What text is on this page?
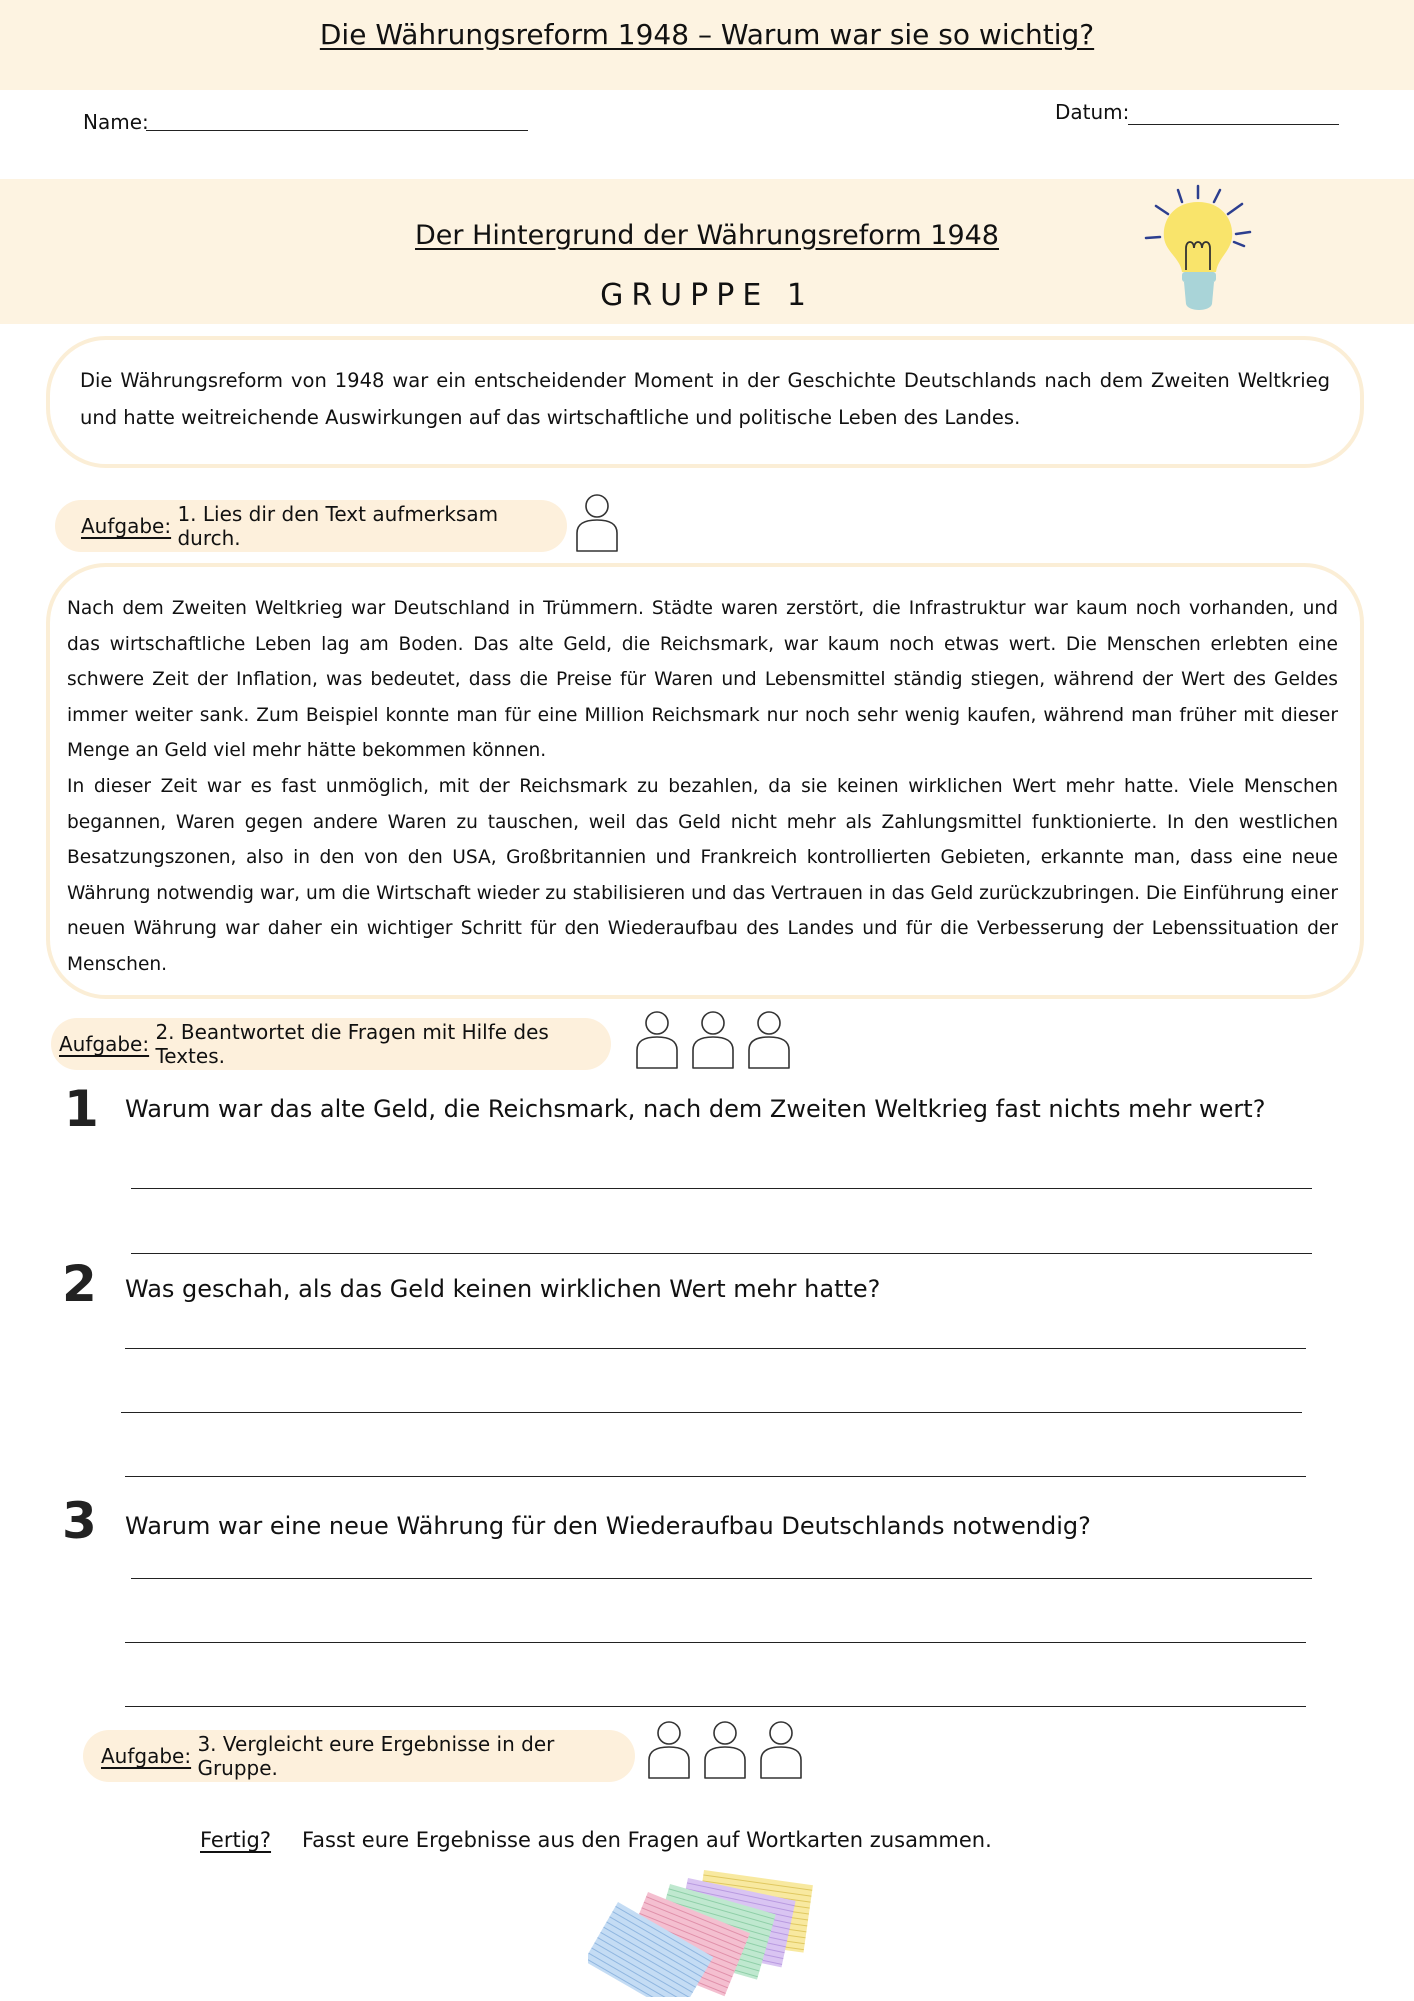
Die Währungsreform 1948 – Warum war sie so wichtig?
Name:	Datum:
Der Hintergrund der Währungsreform 1948
GRUPPE 1

Die Währungsreform von 1948 war ein entscheidender Moment in der Geschichte Deutschlands nach dem Zweiten Weltkrieg und hatte weitreichende Auswirkungen auf das wirtschaftliche und politische Leben des Landes.

Aufgabe:
1. Lies dir den Text aufmerksam durch.

Nach dem Zweiten Weltkrieg war Deutschland in Trümmern. Städte waren zerstört, die Infrastruktur war kaum noch vorhanden, und das wirtschaftliche Leben lag am Boden. Das alte Geld, die Reichsmark, war kaum noch etwas wert. Die Menschen erlebten eine schwere Zeit der Inflation, was bedeutet, dass die Preise für Waren und Lebensmittel ständig stiegen, während der Wert des Geldes immer weiter sank. Zum Beispiel konnte man für eine Million Reichsmark nur noch sehr wenig kaufen, während man früher mit dieser Menge an Geld viel mehr hätte bekommen können.

In dieser Zeit war es fast unmöglich, mit der Reichsmark zu bezahlen, da sie keinen wirklichen Wert mehr hatte. Viele Menschen begannen, Waren gegen andere Waren zu tauschen, weil das Geld nicht mehr als Zahlungsmittel funktionierte. In den westlichen Besatzungszonen, also in den von den USA, Großbritannien und Frankreich kontrollierten Gebieten, erkannte man, dass eine neue Währung notwendig war, um die Wirtschaft wieder zu stabilisieren und das Vertrauen in das Geld zurückzubringen. Die Einführung einer neuen Währung war daher ein wichtiger Schritt für den Wiederaufbau des Landes und für die Verbesserung der Lebenssituation der Menschen.

Aufgabe:
2. Beantwortet die Fragen mit Hilfe des Textes.
1 Warum war das alte Geld, die Reichsmark, nach dem Zweiten Weltkrieg fast nichts mehr wert?
2 Was geschah, als das Geld keinen wirklichen Wert mehr hatte?
3 Warum war eine neue Währung für den Wiederaufbau Deutschlands notwendig?
Aufgabe:
3. Vergleicht eure Ergebnisse in der Gruppe.
Fertig? Fasst eure Ergebnisse aus den Fragen auf Wortkarten zusammen.
